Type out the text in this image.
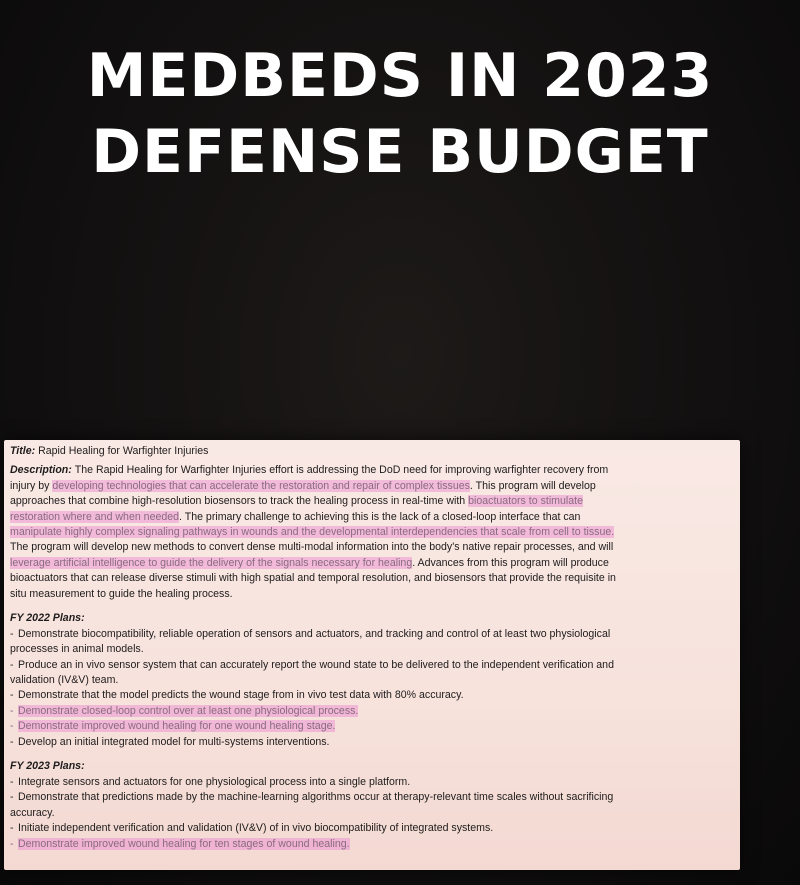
MEDBEDS IN 2023
DEFENSE BUDGET
Title: Rapid Healing for Warfighter Injuries
Description: The Rapid Healing for Warfighter Injuries effort is addressing the DoD need for improving warfighter recovery from
injury by developing technologies that can accelerate the restoration and repair of complex tissues. This program will develop
approaches that combine high-resolution biosensors to track the healing process in real-time with bioactuators to stimulate
restoration where and when needed. The primary challenge to achieving this is the lack of a closed-loop interface that can
manipulate highly complex signaling pathways in wounds and the developmental interdependencies that scale from cell to tissue.
The program will develop new methods to convert dense multi-modal information into the body's native repair processes, and will
leverage artificial intelligence to guide the delivery of the signals necessary for healing. Advances from this program will produce
bioactuators that can release diverse stimuli with high spatial and temporal resolution, and biosensors that provide the requisite in
situ measurement to guide the healing process.
FY 2022 Plans:
- Demonstrate biocompatibility, reliable operation of sensors and actuators, and tracking and control of at least two physiological
processes in animal models.
- Produce an in vivo sensor system that can accurately report the wound state to be delivered to the independent verification and
validation (IV&V) team.
- Demonstrate that the model predicts the wound stage from in vivo test data with 80% accuracy.
- Demonstrate closed-loop control over at least one physiological process.
- Demonstrate improved wound healing for one wound healing stage.
- Develop an initial integrated model for multi-systems interventions.
FY 2023 Plans:
- Integrate sensors and actuators for one physiological process into a single platform.
- Demonstrate that predictions made by the machine-learning algorithms occur at therapy-relevant time scales without sacrificing
accuracy.
- Initiate independent verification and validation (IV&V) of in vivo biocompatibility of integrated systems.
- Demonstrate improved wound healing for ten stages of wound healing.
